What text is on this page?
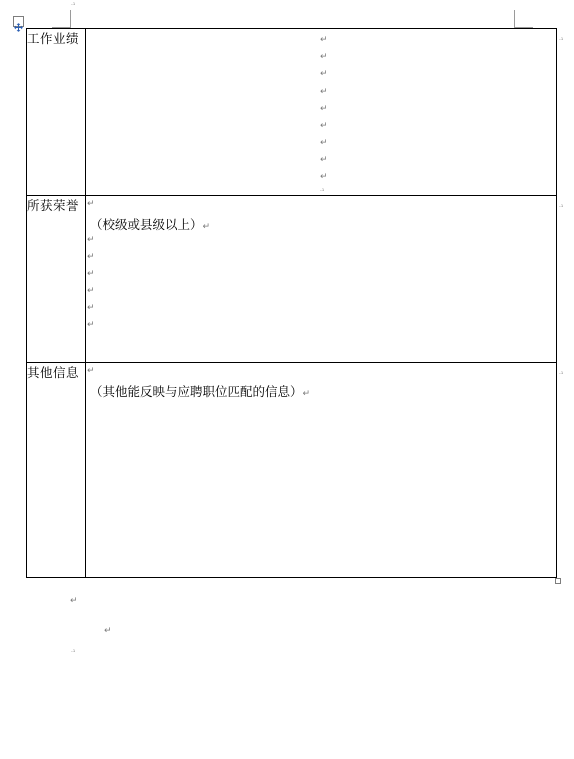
·¹
工作业绩	
所获荣誉	（校级或县级以上）↵

其他信息	（其他能反映与应聘职位匹配的信息）↵
↵
↵
↵
↵
↵
↵
↵
↵
↵
·¹
↵
↵
↵
↵
↵
↵
↵
↵
·¹
·¹
·¹
↵
↵
·¹
